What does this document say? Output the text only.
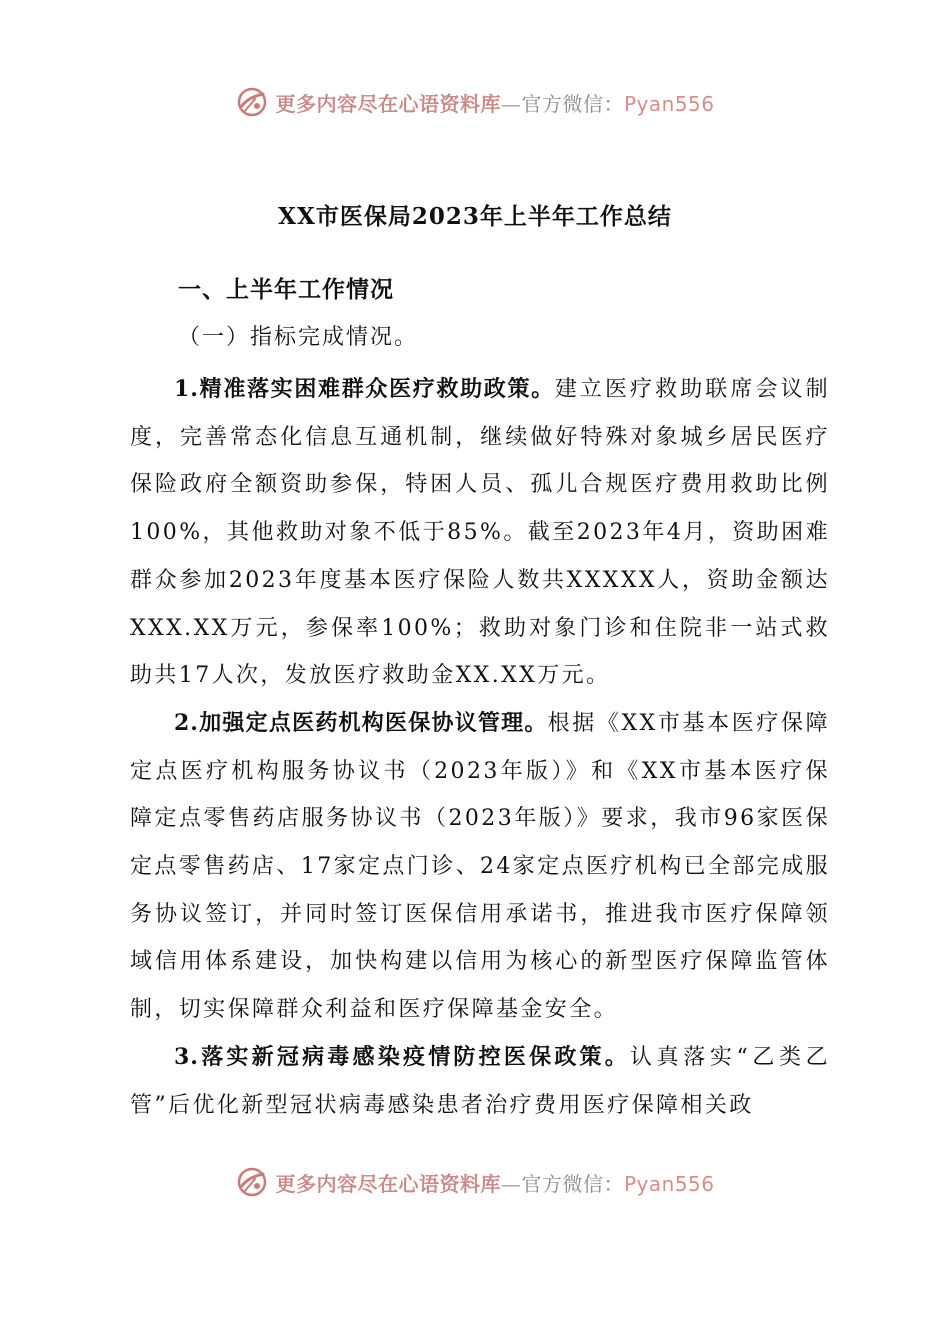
更多内容尽在心语资料库—官方微信：Pyan556
XX市医保局2023年上半年工作总结
一、上半年工作情况
（一）指标完成情况。

1.精准落实困难群众医疗救助政策。建立医疗救助联席会议制度，完善常态化信息互通机制，继续做好特殊对象城乡居民医疗保险政府全额资助参保，特困人员、孤儿合规医疗费用救助比例100%，其他救助对象不低于85%。截至2023年4月，资助困难群众参加2023年度基本医疗保险人数共XXXXX人，资助金额达XXX.XX万元，参保率100%；救助对象门诊和住院非一站式救助共17人次，发放医疗救助金XX.XX万元。

2.加强定点医药机构医保协议管理。根据《XX市基本医疗保障定点医疗机构服务协议书（2023年版）》和《XX市基本医疗保障定点零售药店服务协议书（2023年版）》要求，我市96家医保定点零售药店、17家定点门诊、24家定点医疗机构已全部完成服务协议签订，并同时签订医保信用承诺书，推进我市医疗保障领域信用体系建设，加快构建以信用为核心的新型医疗保障监管体制，切实保障群众利益和医疗保障基金安全。

3.落实新冠病毒感染疫情防控医保政策。认真落实“乙类乙管”后优化新型冠状病毒感染患者治疗费用医疗保障相关政

更多内容尽在心语资料库—官方微信：Pyan556
